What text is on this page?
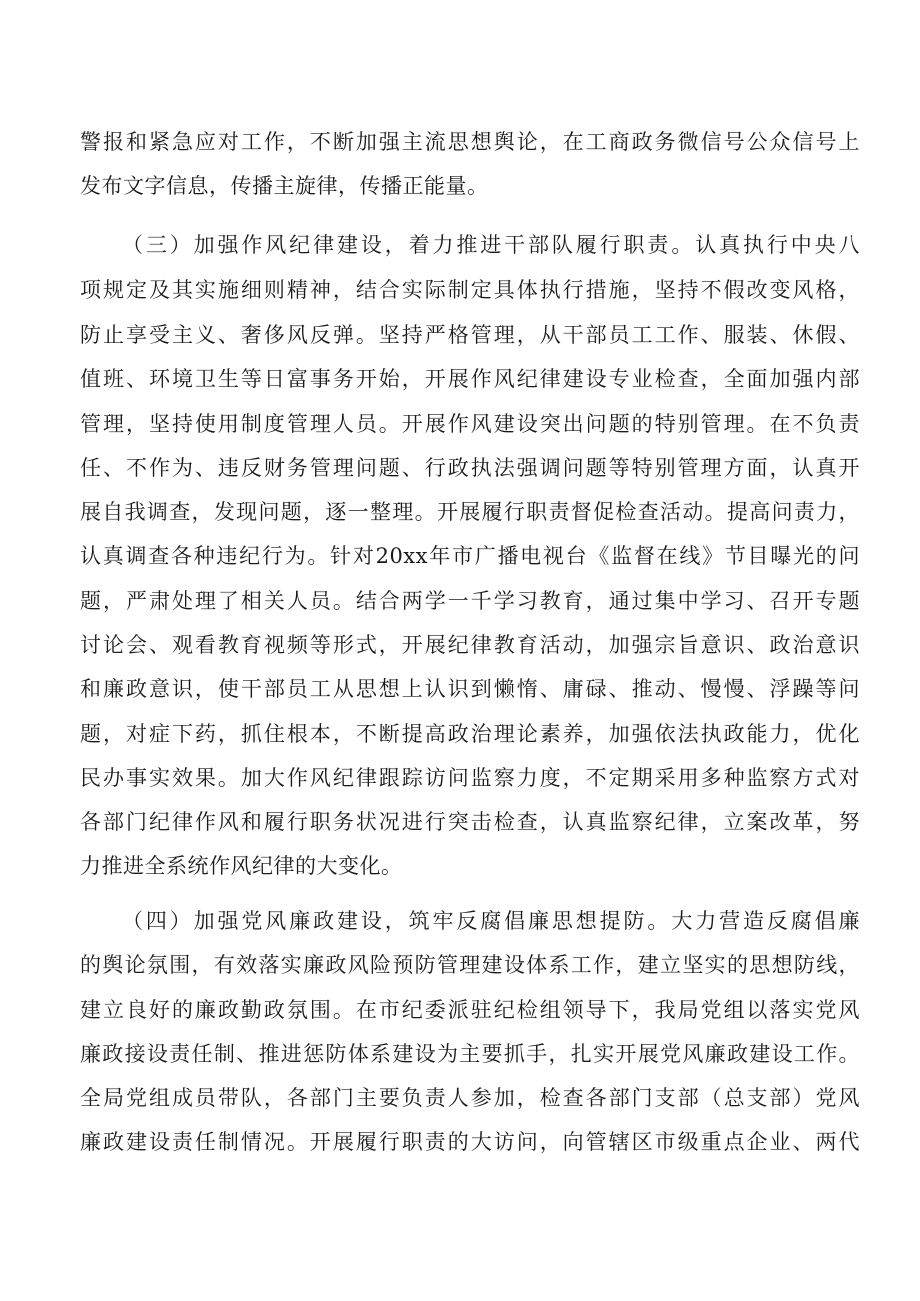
警报和紧急应对工作，不断加强主流思想舆论，在工商政务微信号公众信号上

发布文字信息，传播主旋律，传播正能量。

（三）加强作风纪律建设，着力推进干部队履行职责。认真执行中央八

项规定及其实施细则精神，结合实际制定具体执行措施，坚持不假改变风格，

防止享受主义、奢侈风反弹。坚持严格管理，从干部员工工作、服装、休假、

值班、环境卫生等日富事务开始，开展作风纪律建设专业检查，全面加强内部

管理，坚持使用制度管理人员。开展作风建设突出问题的特别管理。在不负责

任、不作为、违反财务管理问题、行政执法强调问题等特别管理方面，认真开

展自我调查，发现问题，逐一整理。开展履行职责督促检查活动。提高问责力，

认真调查各种违纪行为。针对20xx年市广播电视台《监督在线》节目曝光的问

题，严肃处理了相关人员。结合两学一千学习教育，通过集中学习、召开专题

讨论会、观看教育视频等形式，开展纪律教育活动，加强宗旨意识、政治意识

和廉政意识，使干部员工从思想上认识到懒惰、庸碌、推动、慢慢、浮躁等问

题，对症下药，抓住根本，不断提高政治理论素养，加强依法执政能力，优化

民办事实效果。加大作风纪律跟踪访问监察力度，不定期采用多种监察方式对

各部门纪律作风和履行职务状况进行突击检查，认真监察纪律，立案改革，努

力推进全系统作风纪律的大变化。

（四）加强党风廉政建设，筑牢反腐倡廉思想提防。大力营造反腐倡廉

的舆论氛围，有效落实廉政风险预防管理建设体系工作，建立坚实的思想防线，

建立良好的廉政勤政氛围。在市纪委派驻纪检组领导下，我局党组以落实党风

廉政接设责任制、推进惩防体系建设为主要抓手，扎实开展党风廉政建设工作。

全局党组成员带队，各部门主要负责人参加，检查各部门支部（总支部）党风

廉政建设责任制情况。开展履行职责的大访问，向管辖区市级重点企业、两代
